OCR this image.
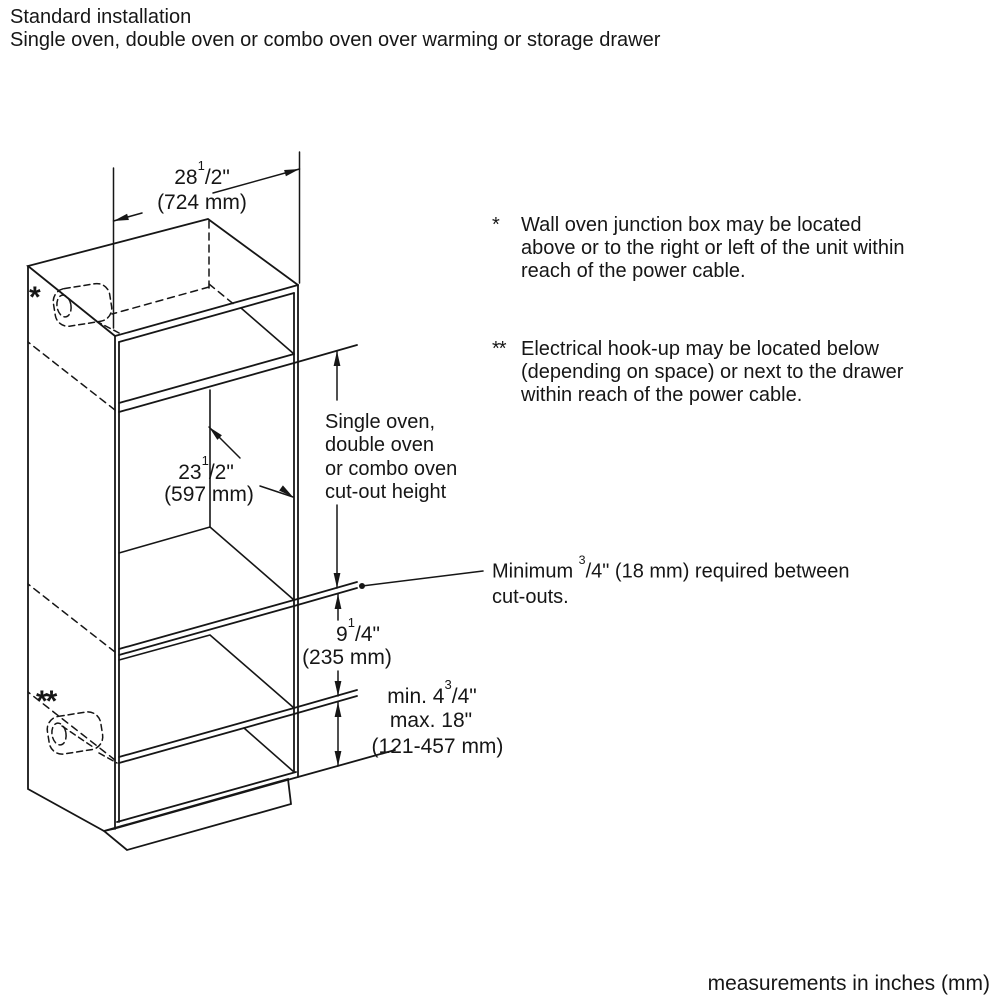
Standard installation
Single oven, double oven or combo oven over warming or storage drawer
$28^1/2$"
(724 mm)
$23^1/2$"
(597 mm)
Single oven,
double oven
or combo oven
cut-out height
$9^1/4$"
(235 mm)
min. $4^3/4$"
max. 18"
(121-457 mm)
*
**
*	Wall oven junction box may be located
above or to the right or left of the unit within
reach of the power cable.
** Electrical hook-up may be located below
(depending on space) or next to the drawer
within reach of the power cable.
Minimum $^3$/4" (18 mm) required between
cut-outs.
measurements in inches (mm)
